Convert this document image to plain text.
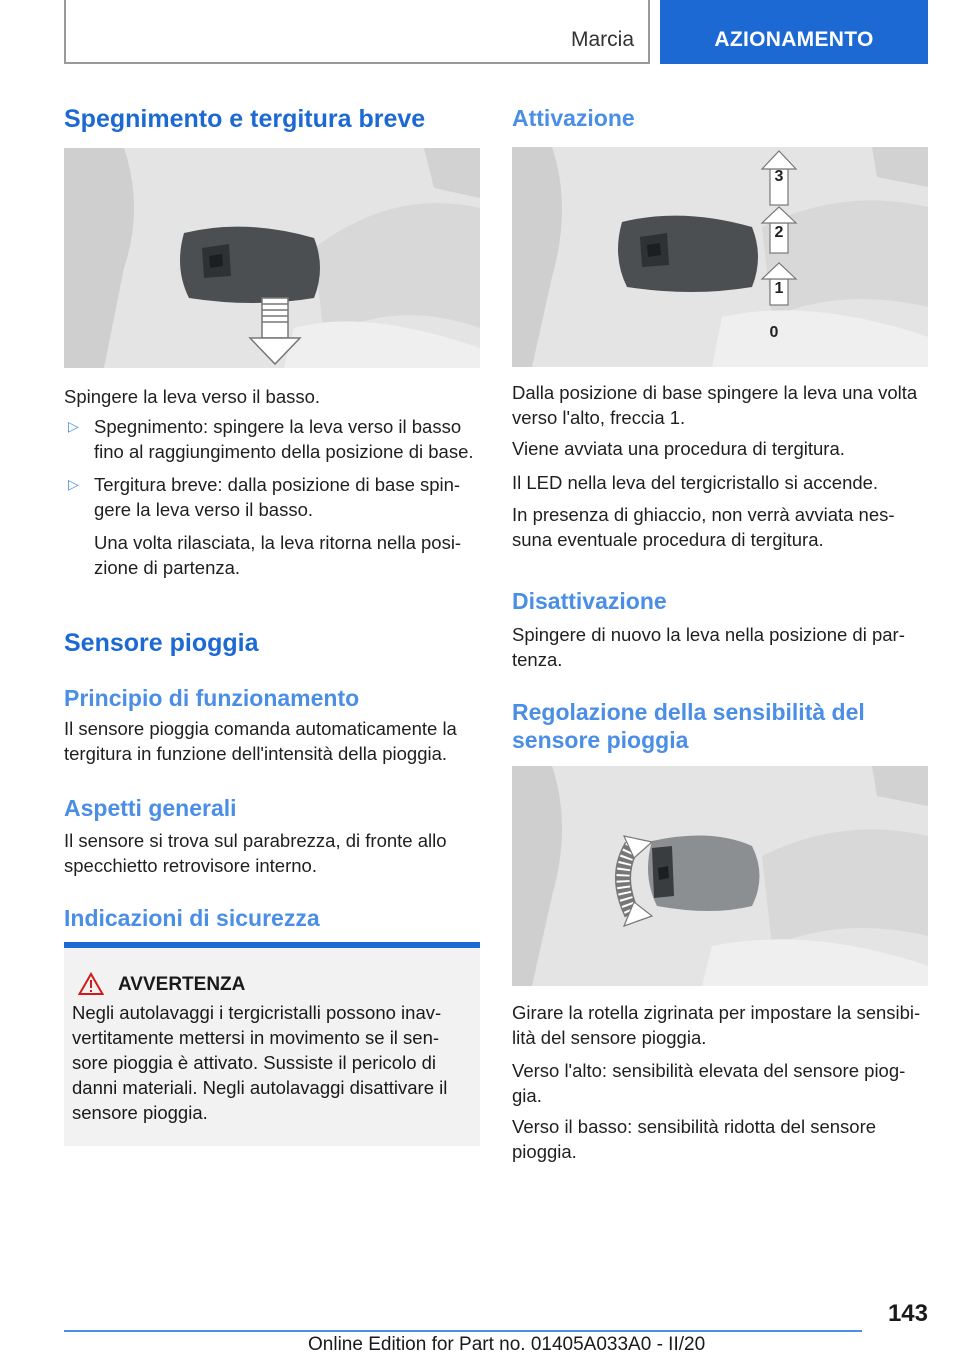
Marcia	AZIONAMENTO
Spegnimento e tergitura breve

Spingere la leva verso il basso.

▷ Spegnimento: spingere la leva verso il basso fino al raggiungimento della posizione di base.

▷ Tergitura breve: dalla posizione di base spin-gere la leva verso il basso.

Una volta rilasciata, la leva ritorna nella posi-zione di partenza.

Sensore pioggia
Principio di funzionamento

Il sensore pioggia comanda automaticamente la tergitura in funzione dell'intensità della pioggia.

Aspetti generali

Il sensore si trova sul parabrezza, di fronte allo specchietto retrovisore interno.

Indicazioni di sicurezza
AVVERTENZA

Negli autolavaggi i tergicristalli possono inav-vertitamente mettersi in movimento se il sen-sore pioggia è attivato. Sussiste il pericolo di danni materiali. Negli autolavaggi disattivare il sensore pioggia.

Attivazione
3
2
1
0

Dalla posizione di base spingere la leva una volta verso l'alto, freccia 1.

Viene avviata una procedura di tergitura.

Il LED nella leva del tergicristallo si accende.

In presenza di ghiaccio, non verrà avviata nes-suna eventuale procedura di tergitura.

Disattivazione

Spingere di nuovo la leva nella posizione di par-tenza.

Regolazione della sensibilità del sensore pioggia

Girare la rotella zigrinata per impostare la sensibi-lità del sensore pioggia.

Verso l'alto: sensibilità elevata del sensore piog-gia.

Verso il basso: sensibilità ridotta del sensore pioggia.

143
Online Edition for Part no. 01405A033A0 - II/20
